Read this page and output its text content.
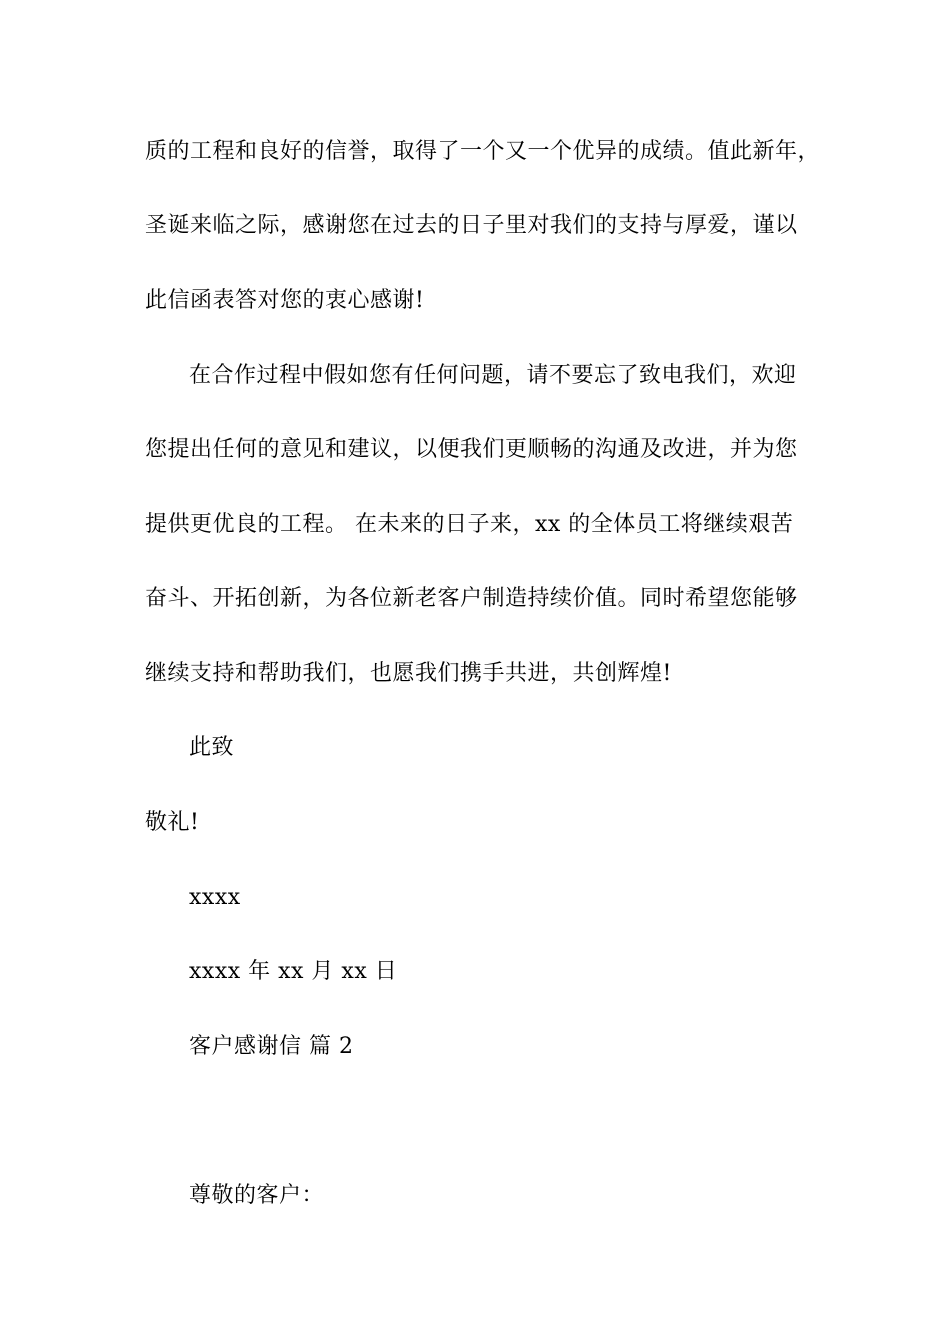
质的工程和良好的信誉，取得了一个又一个优异的成绩。值此新年，
圣诞来临之际，感谢您在过去的日子里对我们的支持与厚爱，谨以
此信函表答对您的衷心感谢!
在合作过程中假如您有任何问题，请不要忘了致电我们，欢迎
您提出任何的意见和建议，以便我们更顺畅的沟通及改进，并为您
提供更优良的工程。 在未来的日子来，xx 的全体员工将继续艰苦
奋斗、开拓创新，为各位新老客户制造持续价值。同时希望您能够
继续支持和帮助我们，也愿我们携手共进，共创辉煌!
此致
敬礼!
xxxx
xxxx 年 xx 月 xx 日
客户感谢信 篇 2
尊敬的客户：
